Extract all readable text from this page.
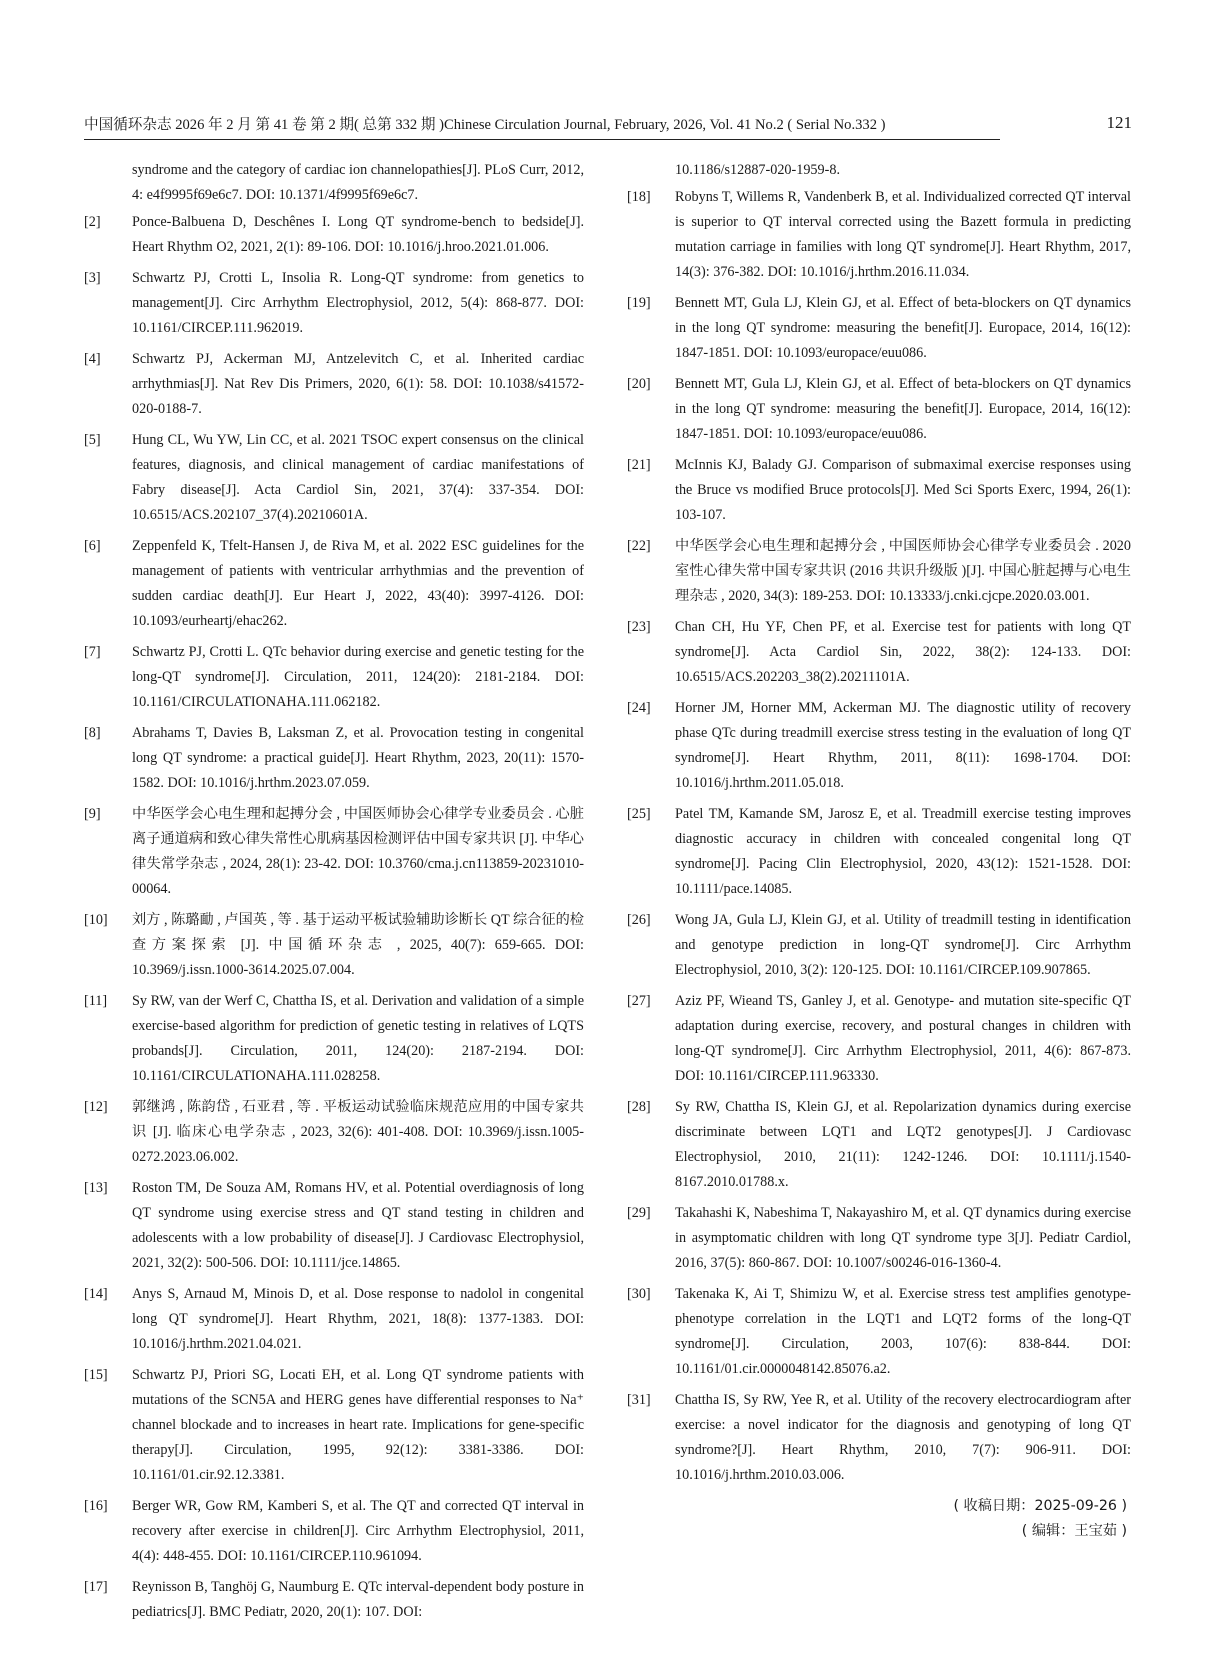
中国循环杂志 2026 年 2 月 第 41 卷 第 2 期( 总第 332 期 )Chinese Circulation Journal, February, 2026, Vol. 41 No.2 ( Serial No.332 )	121
syndrome and the category of cardiac ion channelopathies[J]. PLoS Curr, 2012, 4: e4f9995f69e6c7. DOI: 10.1371/4f9995f69e6c7.
[2] Ponce-Balbuena D, Deschênes I. Long QT syndrome-bench to bedside[J]. Heart Rhythm O2, 2021, 2(1): 89-106. DOI: 10.1016/j.hroo.2021.01.006.
[3] Schwartz PJ, Crotti L, Insolia R. Long-QT syndrome: from genetics to management[J]. Circ Arrhythm Electrophysiol, 2012, 5(4): 868-877. DOI: 10.1161/CIRCEP.111.962019.
[4] Schwartz PJ, Ackerman MJ, Antzelevitch C, et al. Inherited cardiac arrhythmias[J]. Nat Rev Dis Primers, 2020, 6(1): 58. DOI: 10.1038/s41572-020-0188-7.
[5] Hung CL, Wu YW, Lin CC, et al. 2021 TSOC expert consensus on the clinical features, diagnosis, and clinical management of cardiac manifestations of Fabry disease[J]. Acta Cardiol Sin, 2021, 37(4): 337-354. DOI: 10.6515/ACS.202107_37(4).20210601A.
[6] Zeppenfeld K, Tfelt-Hansen J, de Riva M, et al. 2022 ESC guidelines for the management of patients with ventricular arrhythmias and the prevention of sudden cardiac death[J]. Eur Heart J, 2022, 43(40): 3997-4126. DOI: 10.1093/eurheartj/ehac262.
[7] Schwartz PJ, Crotti L. QTc behavior during exercise and genetic testing for the long-QT syndrome[J]. Circulation, 2011, 124(20): 2181-2184. DOI: 10.1161/CIRCULATIONAHA.111.062182.
[8] Abrahams T, Davies B, Laksman Z, et al. Provocation testing in congenital long QT syndrome: a practical guide[J]. Heart Rhythm, 2023, 20(11): 1570-1582. DOI: 10.1016/j.hrthm.2023.07.059.
[9] 中华医学会心电生理和起搏分会 , 中国医师协会心律学专业委员会 . 心脏离子通道病和致心律失常性心肌病基因检测评估中国专家共识 [J]. 中华心律失常学杂志 , 2024, 28(1): 23-42. DOI: 10.3760/cma.j.cn113859-20231010-00064.
[10] 刘方 , 陈璐勔 , 卢国英 , 等 . 基于运动平板试验辅助诊断长 QT 综合征的检查方案探索 [J]. 中国循环杂志 , 2025, 40(7): 659-665. DOI: 10.3969/j.issn.1000-3614.2025.07.004.
[11] Sy RW, van der Werf C, Chattha IS, et al. Derivation and validation of a simple exercise-based algorithm for prediction of genetic testing in relatives of LQTS probands[J]. Circulation, 2011, 124(20): 2187-2194. DOI: 10.1161/CIRCULATIONAHA.111.028258.
[12] 郭继鸿 , 陈韵岱 , 石亚君 , 等 . 平板运动试验临床规范应用的中国专家共识 [J]. 临床心电学杂志 , 2023, 32(6): 401-408. DOI: 10.3969/j.issn.1005-0272.2023.06.002.
[13] Roston TM, De Souza AM, Romans HV, et al. Potential overdiagnosis of long QT syndrome using exercise stress and QT stand testing in children and adolescents with a low probability of disease[J]. J Cardiovasc Electrophysiol, 2021, 32(2): 500-506. DOI: 10.1111/jce.14865.
[14] Anys S, Arnaud M, Minois D, et al. Dose response to nadolol in congenital long QT syndrome[J]. Heart Rhythm, 2021, 18(8): 1377-1383. DOI: 10.1016/j.hrthm.2021.04.021.
[15] Schwartz PJ, Priori SG, Locati EH, et al. Long QT syndrome patients with mutations of the SCN5A and HERG genes have differential responses to Na⁺ channel blockade and to increases in heart rate. Implications for gene-specific therapy[J]. Circulation, 1995, 92(12): 3381-3386. DOI: 10.1161/01.cir.92.12.3381.
[16] Berger WR, Gow RM, Kamberi S, et al. The QT and corrected QT interval in recovery after exercise in children[J]. Circ Arrhythm Electrophysiol, 2011, 4(4): 448-455. DOI: 10.1161/CIRCEP.110.961094.
[17] Reynisson B, Tanghöj G, Naumburg E. QTc interval-dependent body posture in pediatrics[J]. BMC Pediatr, 2020, 20(1): 107. DOI:
10.1186/s12887-020-1959-8.
[18] Robyns T, Willems R, Vandenberk B, et al. Individualized corrected QT interval is superior to QT interval corrected using the Bazett formula in predicting mutation carriage in families with long QT syndrome[J]. Heart Rhythm, 2017, 14(3): 376-382. DOI: 10.1016/j.hrthm.2016.11.034.
[19] Bennett MT, Gula LJ, Klein GJ, et al. Effect of beta-blockers on QT dynamics in the long QT syndrome: measuring the benefit[J]. Europace, 2014, 16(12): 1847-1851. DOI: 10.1093/europace/euu086.
[20] Bennett MT, Gula LJ, Klein GJ, et al. Effect of beta-blockers on QT dynamics in the long QT syndrome: measuring the benefit[J]. Europace, 2014, 16(12): 1847-1851. DOI: 10.1093/europace/euu086.
[21] McInnis KJ, Balady GJ. Comparison of submaximal exercise responses using the Bruce vs modified Bruce protocols[J]. Med Sci Sports Exerc, 1994, 26(1): 103-107.
[22] 中华医学会心电生理和起搏分会 , 中国医师协会心律学专业委员会 . 2020 室性心律失常中国专家共识 (2016 共识升级版 )[J]. 中国心脏起搏与心电生理杂志 , 2020, 34(3): 189-253. DOI: 10.13333/j.cnki.cjcpe.2020.03.001.
[23] Chan CH, Hu YF, Chen PF, et al. Exercise test for patients with long QT syndrome[J]. Acta Cardiol Sin, 2022, 38(2): 124-133. DOI: 10.6515/ACS.202203_38(2).20211101A.
[24] Horner JM, Horner MM, Ackerman MJ. The diagnostic utility of recovery phase QTc during treadmill exercise stress testing in the evaluation of long QT syndrome[J]. Heart Rhythm, 2011, 8(11): 1698-1704. DOI: 10.1016/j.hrthm.2011.05.018.
[25] Patel TM, Kamande SM, Jarosz E, et al. Treadmill exercise testing improves diagnostic accuracy in children with concealed congenital long QT syndrome[J]. Pacing Clin Electrophysiol, 2020, 43(12): 1521-1528. DOI: 10.1111/pace.14085.
[26] Wong JA, Gula LJ, Klein GJ, et al. Utility of treadmill testing in identification and genotype prediction in long-QT syndrome[J]. Circ Arrhythm Electrophysiol, 2010, 3(2): 120-125. DOI: 10.1161/CIRCEP.109.907865.
[27] Aziz PF, Wieand TS, Ganley J, et al. Genotype- and mutation site-specific QT adaptation during exercise, recovery, and postural changes in children with long-QT syndrome[J]. Circ Arrhythm Electrophysiol, 2011, 4(6): 867-873. DOI: 10.1161/CIRCEP.111.963330.
[28] Sy RW, Chattha IS, Klein GJ, et al. Repolarization dynamics during exercise discriminate between LQT1 and LQT2 genotypes[J]. J Cardiovasc Electrophysiol, 2010, 21(11): 1242-1246. DOI: 10.1111/j.1540-8167.2010.01788.x.
[29] Takahashi K, Nabeshima T, Nakayashiro M, et al. QT dynamics during exercise in asymptomatic children with long QT syndrome type 3[J]. Pediatr Cardiol, 2016, 37(5): 860-867. DOI: 10.1007/s00246-016-1360-4.
[30] Takenaka K, Ai T, Shimizu W, et al. Exercise stress test amplifies genotype-phenotype correlation in the LQT1 and LQT2 forms of the long-QT syndrome[J]. Circulation, 2003, 107(6): 838-844. DOI: 10.1161/01.cir.0000048142.85076.a2.
[31] Chattha IS, Sy RW, Yee R, et al. Utility of the recovery electrocardiogram after exercise: a novel indicator for the diagnosis and genotyping of long QT syndrome?[J]. Heart Rhythm, 2010, 7(7): 906-911. DOI: 10.1016/j.hrthm.2010.03.006.
( 收稿日期：2025-09-26 )
( 编辑：王宝茹 )
